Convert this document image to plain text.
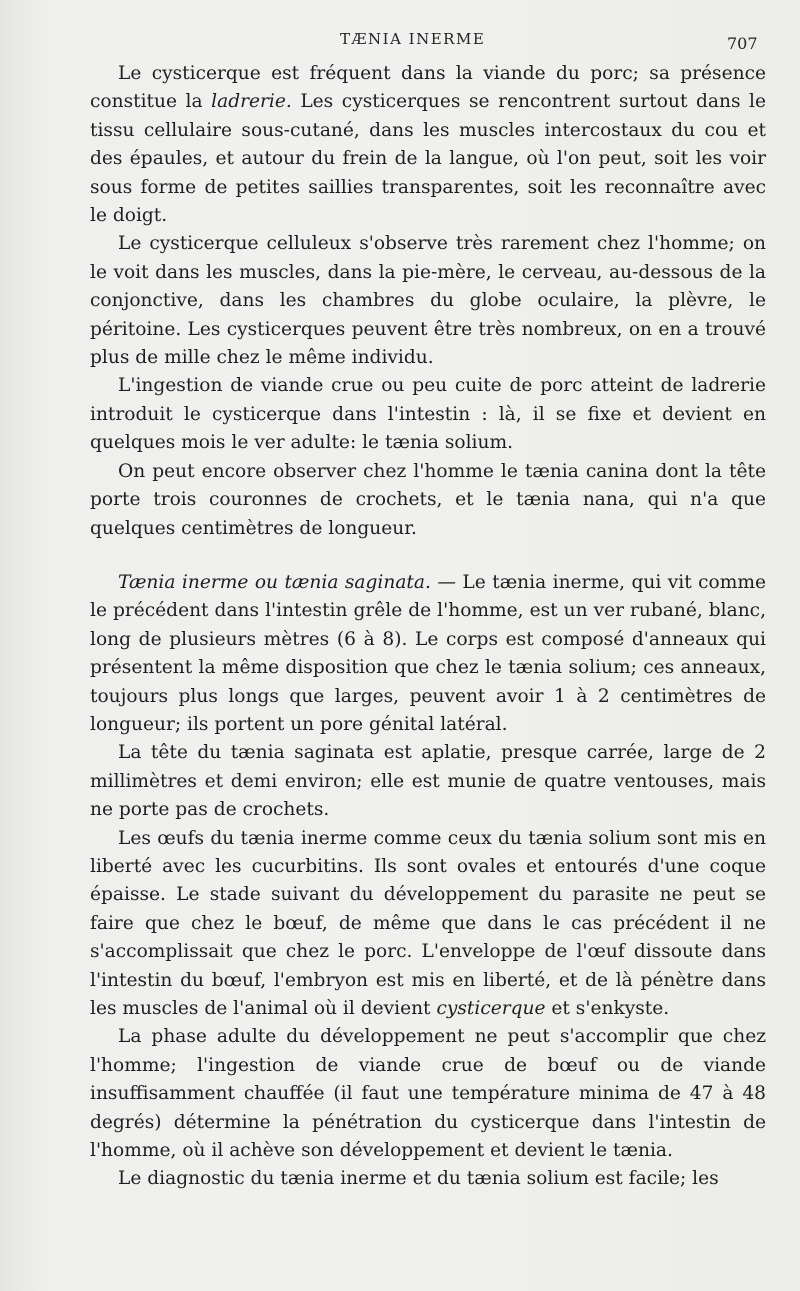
TÆNIA INERME	707

Le cysticerque est fréquent dans la viande du porc; sa présence constitue la ladrerie. Les cysticerques se rencontrent surtout dans le tissu cellulaire sous-cutané, dans les muscles intercostaux du cou et des épaules, et autour du frein de la langue, où l'on peut, soit les voir sous forme de petites saillies transparentes, soit les reconnaître avec le doigt.

Le cysticerque celluleux s'observe très rarement chez l'homme; on le voit dans les muscles, dans la pie-mère, le cerveau, au-dessous de la conjonctive, dans les chambres du globe oculaire, la plèvre, le péritoine. Les cysticerques peuvent être très nombreux, on en a trouvé plus de mille chez le même individu.

L'ingestion de viande crue ou peu cuite de porc atteint de ladrerie introduit le cysticerque dans l'intestin : là, il se fixe et devient en quelques mois le ver adulte: le tænia solium.

On peut encore observer chez l'homme le tænia canina dont la tête porte trois couronnes de crochets, et le tænia nana, qui n'a que quelques centimètres de longueur.

Tænia inerme ou tænia saginata. — Le tænia inerme, qui vit comme le précédent dans l'intestin grêle de l'homme, est un ver rubané, blanc, long de plusieurs mètres (6 à 8). Le corps est composé d'anneaux qui présentent la même disposition que chez le tænia solium; ces anneaux, toujours plus longs que larges, peuvent avoir 1 à 2 centimètres de longueur; ils portent un pore génital latéral.

La tête du tænia saginata est aplatie, presque carrée, large de 2 millimètres et demi environ; elle est munie de quatre ventouses, mais ne porte pas de crochets.

Les œufs du tænia inerme comme ceux du tænia solium sont mis en liberté avec les cucurbitins. Ils sont ovales et entourés d'une coque épaisse. Le stade suivant du développement du parasite ne peut se faire que chez le bœuf, de même que dans le cas précédent il ne s'accomplissait que chez le porc. L'enveloppe de l'œuf dissoute dans l'intestin du bœuf, l'embryon est mis en liberté, et de là pénètre dans les muscles de l'animal où il devient cysticerque et s'enkyste.

La phase adulte du développement ne peut s'accomplir que chez l'homme; l'ingestion de viande crue de bœuf ou de viande insuffisamment chauffée (il faut une température minima de 47 à 48 degrés) détermine la pénétration du cysticerque dans l'intestin de l'homme, où il achève son développement et devient le tænia.

Le diagnostic du tænia inerme et du tænia solium est facile; les
